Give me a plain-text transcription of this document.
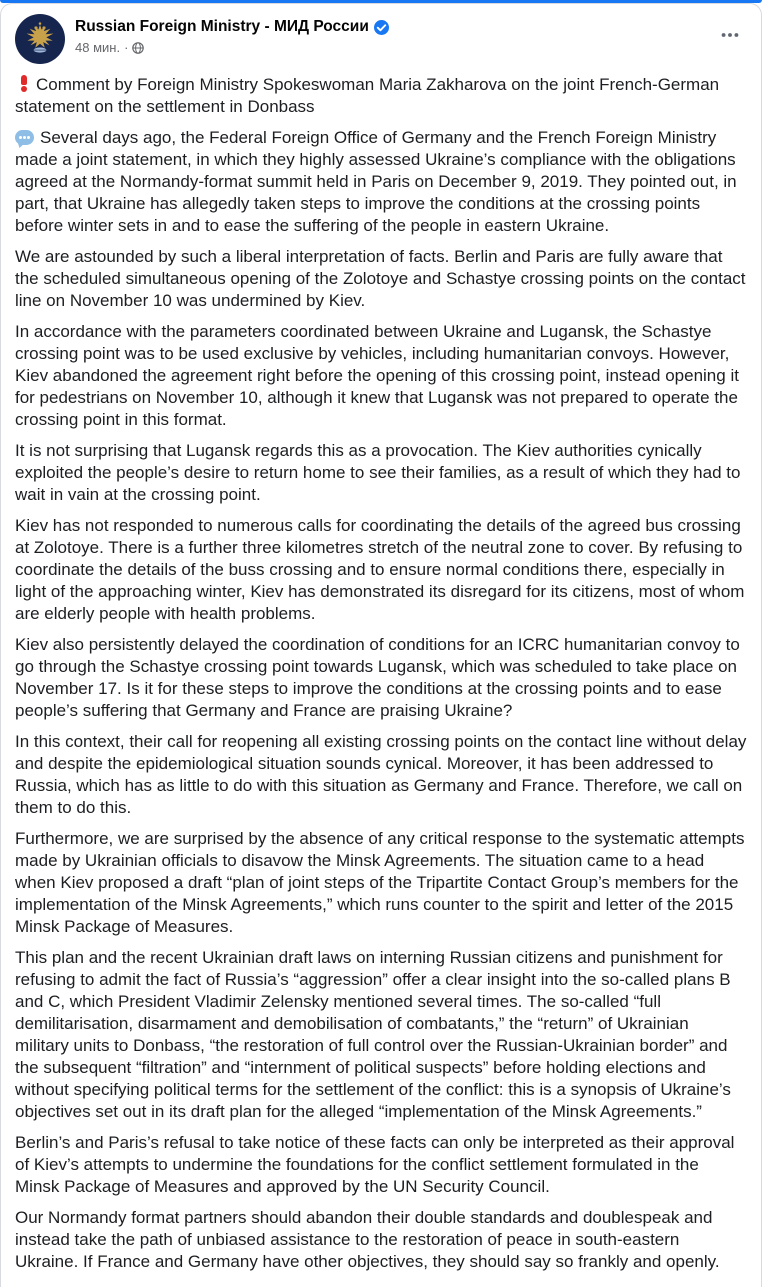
Russian Foreign Ministry - МИД России
48 мин. ·

Comment by Foreign Ministry Spokeswoman Maria Zakharova on the joint French-German statement on the settlement in Donbass

Several days ago, the Federal Foreign Office of Germany and the French Foreign Ministry made a joint statement, in which they highly assessed Ukraine’s compliance with the obligations agreed at the Normandy-format summit held in Paris on December 9, 2019. They pointed out, in part, that Ukraine has allegedly taken steps to improve the conditions at the crossing points before winter sets in and to ease the suffering of the people in eastern Ukraine.

We are astounded by such a liberal interpretation of facts. Berlin and Paris are fully aware that the scheduled simultaneous opening of the Zolotoye and Schastye crossing points on the contact line on November 10 was undermined by Kiev.

In accordance with the parameters coordinated between Ukraine and Lugansk, the Schastye crossing point was to be used exclusive by vehicles, including humanitarian convoys. However, Kiev abandoned the agreement right before the opening of this crossing point, instead opening it for pedestrians on November 10, although it knew that Lugansk was not prepared to operate the crossing point in this format.

It is not surprising that Lugansk regards this as a provocation. The Kiev authorities cynically exploited the people’s desire to return home to see their families, as a result of which they had to wait in vain at the crossing point.

Kiev has not responded to numerous calls for coordinating the details of the agreed bus crossing at Zolotoye. There is a further three kilometres stretch of the neutral zone to cover. By refusing to coordinate the details of the buss crossing and to ensure normal conditions there, especially in light of the approaching winter, Kiev has demonstrated its disregard for its citizens, most of whom are elderly people with health problems.

Kiev also persistently delayed the coordination of conditions for an ICRC humanitarian convoy to go through the Schastye crossing point towards Lugansk, which was scheduled to take place on November 17. Is it for these steps to improve the conditions at the crossing points and to ease people’s suffering that Germany and France are praising Ukraine?

In this context, their call for reopening all existing crossing points on the contact line without delay and despite the epidemiological situation sounds cynical. Moreover, it has been addressed to Russia, which has as little to do with this situation as Germany and France. Therefore, we call on them to do this.

Furthermore, we are surprised by the absence of any critical response to the systematic attempts made by Ukrainian officials to disavow the Minsk Agreements. The situation came to a head when Kiev proposed a draft “plan of joint steps of the Tripartite Contact Group’s members for the implementation of the Minsk Agreements,” which runs counter to the spirit and letter of the 2015 Minsk Package of Measures.

This plan and the recent Ukrainian draft laws on interning Russian citizens and punishment for refusing to admit the fact of Russia’s “aggression” offer a clear insight into the so-called plans B and C, which President Vladimir Zelensky mentioned several times. The so-called “full demilitarisation, disarmament and demobilisation of combatants,” the “return” of Ukrainian military units to Donbass, “the restoration of full control over the Russian-Ukrainian border” and the subsequent “filtration” and “internment of political suspects” before holding elections and without specifying political terms for the settlement of the conflict: this is a synopsis of Ukraine’s objectives set out in its draft plan for the alleged “implementation of the Minsk Agreements.”

Berlin’s and Paris’s refusal to take notice of these facts can only be interpreted as their approval of Kiev’s attempts to undermine the foundations for the conflict settlement formulated in the Minsk Package of Measures and approved by the UN Security Council.

Our Normandy format partners should abandon their double standards and doublespeak and instead take the path of unbiased assistance to the restoration of peace in south-eastern Ukraine. If France and Germany have other objectives, they should say so frankly and openly.
